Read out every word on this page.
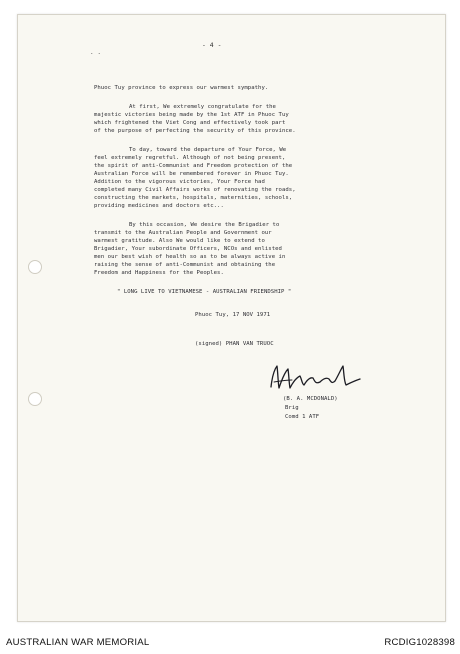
- 4 -
. .
Phuoc Tuy province to express our warmest sympathy.
At first, We extremely congratulate for the
majestic victories being made by the 1st ATF in Phuoc Tuy
which frightened the Viet Cong and effectively took part
of the purpose of perfecting the security of this province.
To day, toward the departure of Your Force, We
feel extremely regretful. Although of not being present,
the spirit of anti-Communist and Freedom protection of the
Australian Force will be remembered forever in Phuoc Tuy.
Addition to the vigorous victories, Your Force had
completed many Civil Affairs works of renovating the roads,
constructing the markets, hospitals, maternities, schools,
providing medicines and doctors etc...
By this occasion, We desire the Brigadier to
transmit to the Australian People and Government our
warmest gratitude. Also We would like to extend to
Brigadier, Your subordinate Officers, NCOs and enlisted
men our best wish of health so as to be always active in
raising the sense of anti-Communist and obtaining the
Freedom and Happiness for the Peoples.
" LONG LIVE TO VIETNAMESE - AUSTRALIAN FRIENDSHIP "
Phuoc Tuy, 17 NOV 1971
(signed) PHAN VAN TRUOC
(B. A. MCDONALD)
Brig
Comd 1 ATF
AUSTRALIAN WAR MEMORIAL	RCDIG1028398
